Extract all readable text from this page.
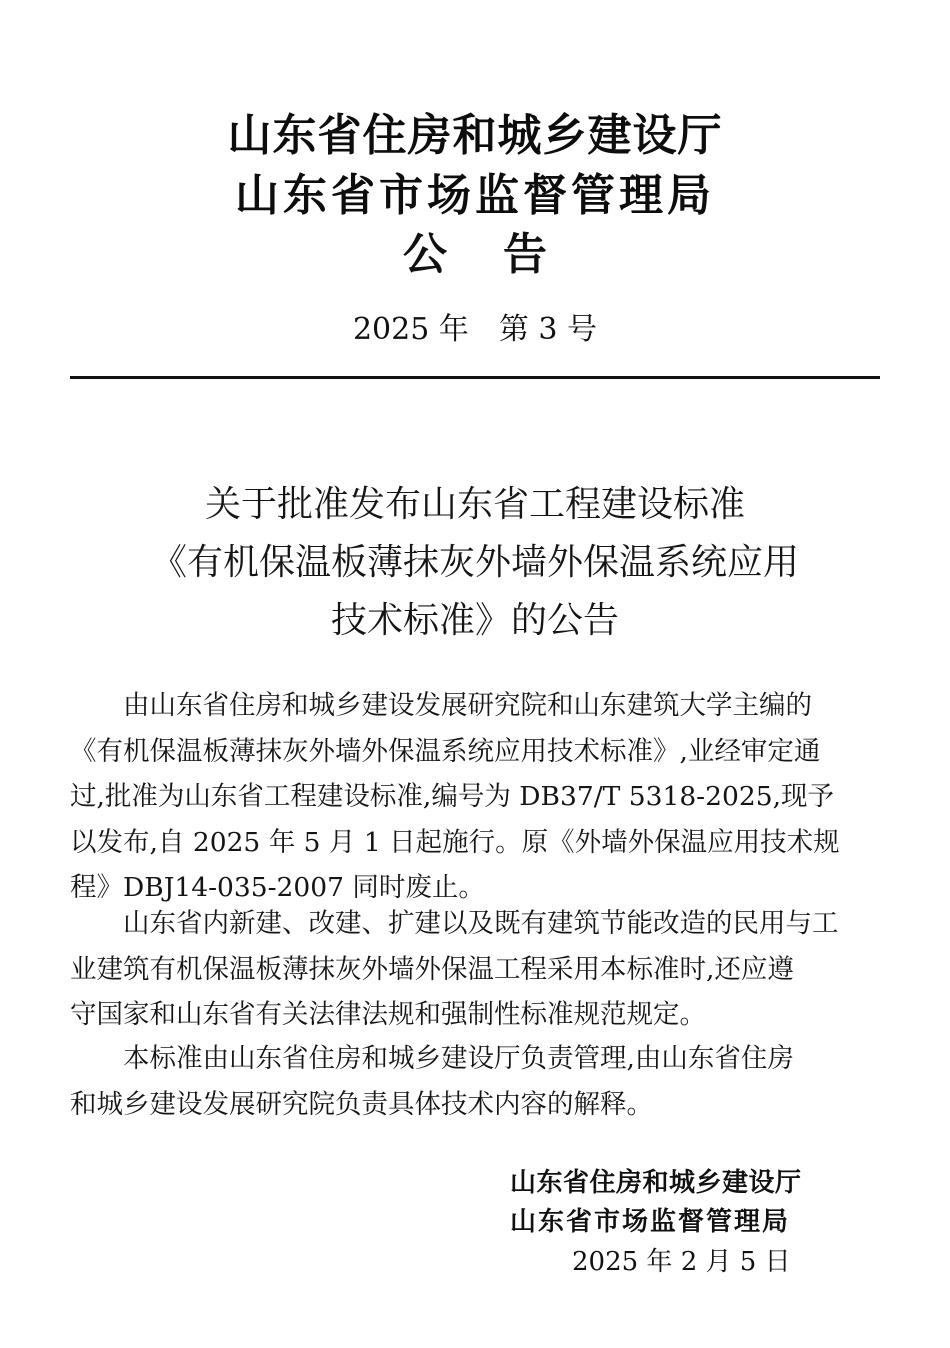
山东省住房和城乡建设厅
山东省市场监督管理局
公告
2025 年　第 3 号
关于批准发布山东省工程建设标准
《有机保温板薄抹灰外墙外保温系统应用
技术标准》的公告
由山东省住房和城乡建设发展研究院和山东建筑大学主编的
《有机保温板薄抹灰外墙外保温系统应用技术标准》,业经审定通
过,批准为山东省工程建设标准,编号为 DB37/T 5318-2025,现予
以发布,自 2025 年 5 月 1 日起施行。原《外墙外保温应用技术规
程》DBJ14-035-2007 同时废止。
山东省内新建、改建、扩建以及既有建筑节能改造的民用与工
业建筑有机保温板薄抹灰外墙外保温工程采用本标准时,还应遵
守国家和山东省有关法律法规和强制性标准规范规定。
本标准由山东省住房和城乡建设厅负责管理,由山东省住房
和城乡建设发展研究院负责具体技术内容的解释。
山东省住房和城乡建设厅
山东省市场监督管理局
2025 年 2 月 5 日
